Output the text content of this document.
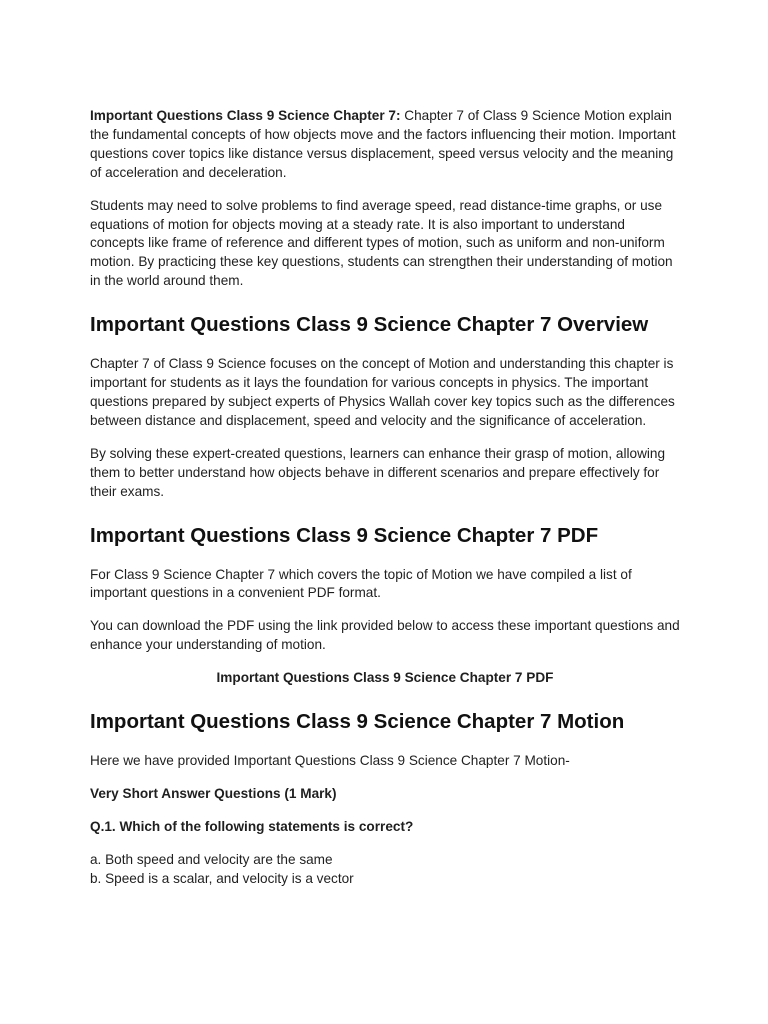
Important Questions Class 9 Science Chapter 7: Chapter 7 of Class 9 Science Motion explain the fundamental concepts of how objects move and the factors influencing their motion. Important questions cover topics like distance versus displacement, speed versus velocity and the meaning of acceleration and deceleration.

Students may need to solve problems to find average speed, read distance-time graphs, or use equations of motion for objects moving at a steady rate. It is also important to understand concepts like frame of reference and different types of motion, such as uniform and non-uniform motion. By practicing these key questions, students can strengthen their understanding of motion in the world around them.

Important Questions Class 9 Science Chapter 7 Overview

Chapter 7 of Class 9 Science focuses on the concept of Motion and understanding this chapter is important for students as it lays the foundation for various concepts in physics. The important questions prepared by subject experts of Physics Wallah cover key topics such as the differences between distance and displacement, speed and velocity and the significance of acceleration.

By solving these expert-created questions, learners can enhance their grasp of motion, allowing them to better understand how objects behave in different scenarios and prepare effectively for their exams.

Important Questions Class 9 Science Chapter 7 PDF

For Class 9 Science Chapter 7 which covers the topic of Motion we have compiled a list of important questions in a convenient PDF format.

You can download the PDF using the link provided below to access these important questions and enhance your understanding of motion.

Important Questions Class 9 Science Chapter 7 PDF

Important Questions Class 9 Science Chapter 7 Motion

Here we have provided Important Questions Class 9 Science Chapter 7 Motion-

Very Short Answer Questions (1 Mark)

Q.1. Which of the following statements is correct?

a. Both speed and velocity are the same

b. Speed is a scalar, and velocity is a vector
